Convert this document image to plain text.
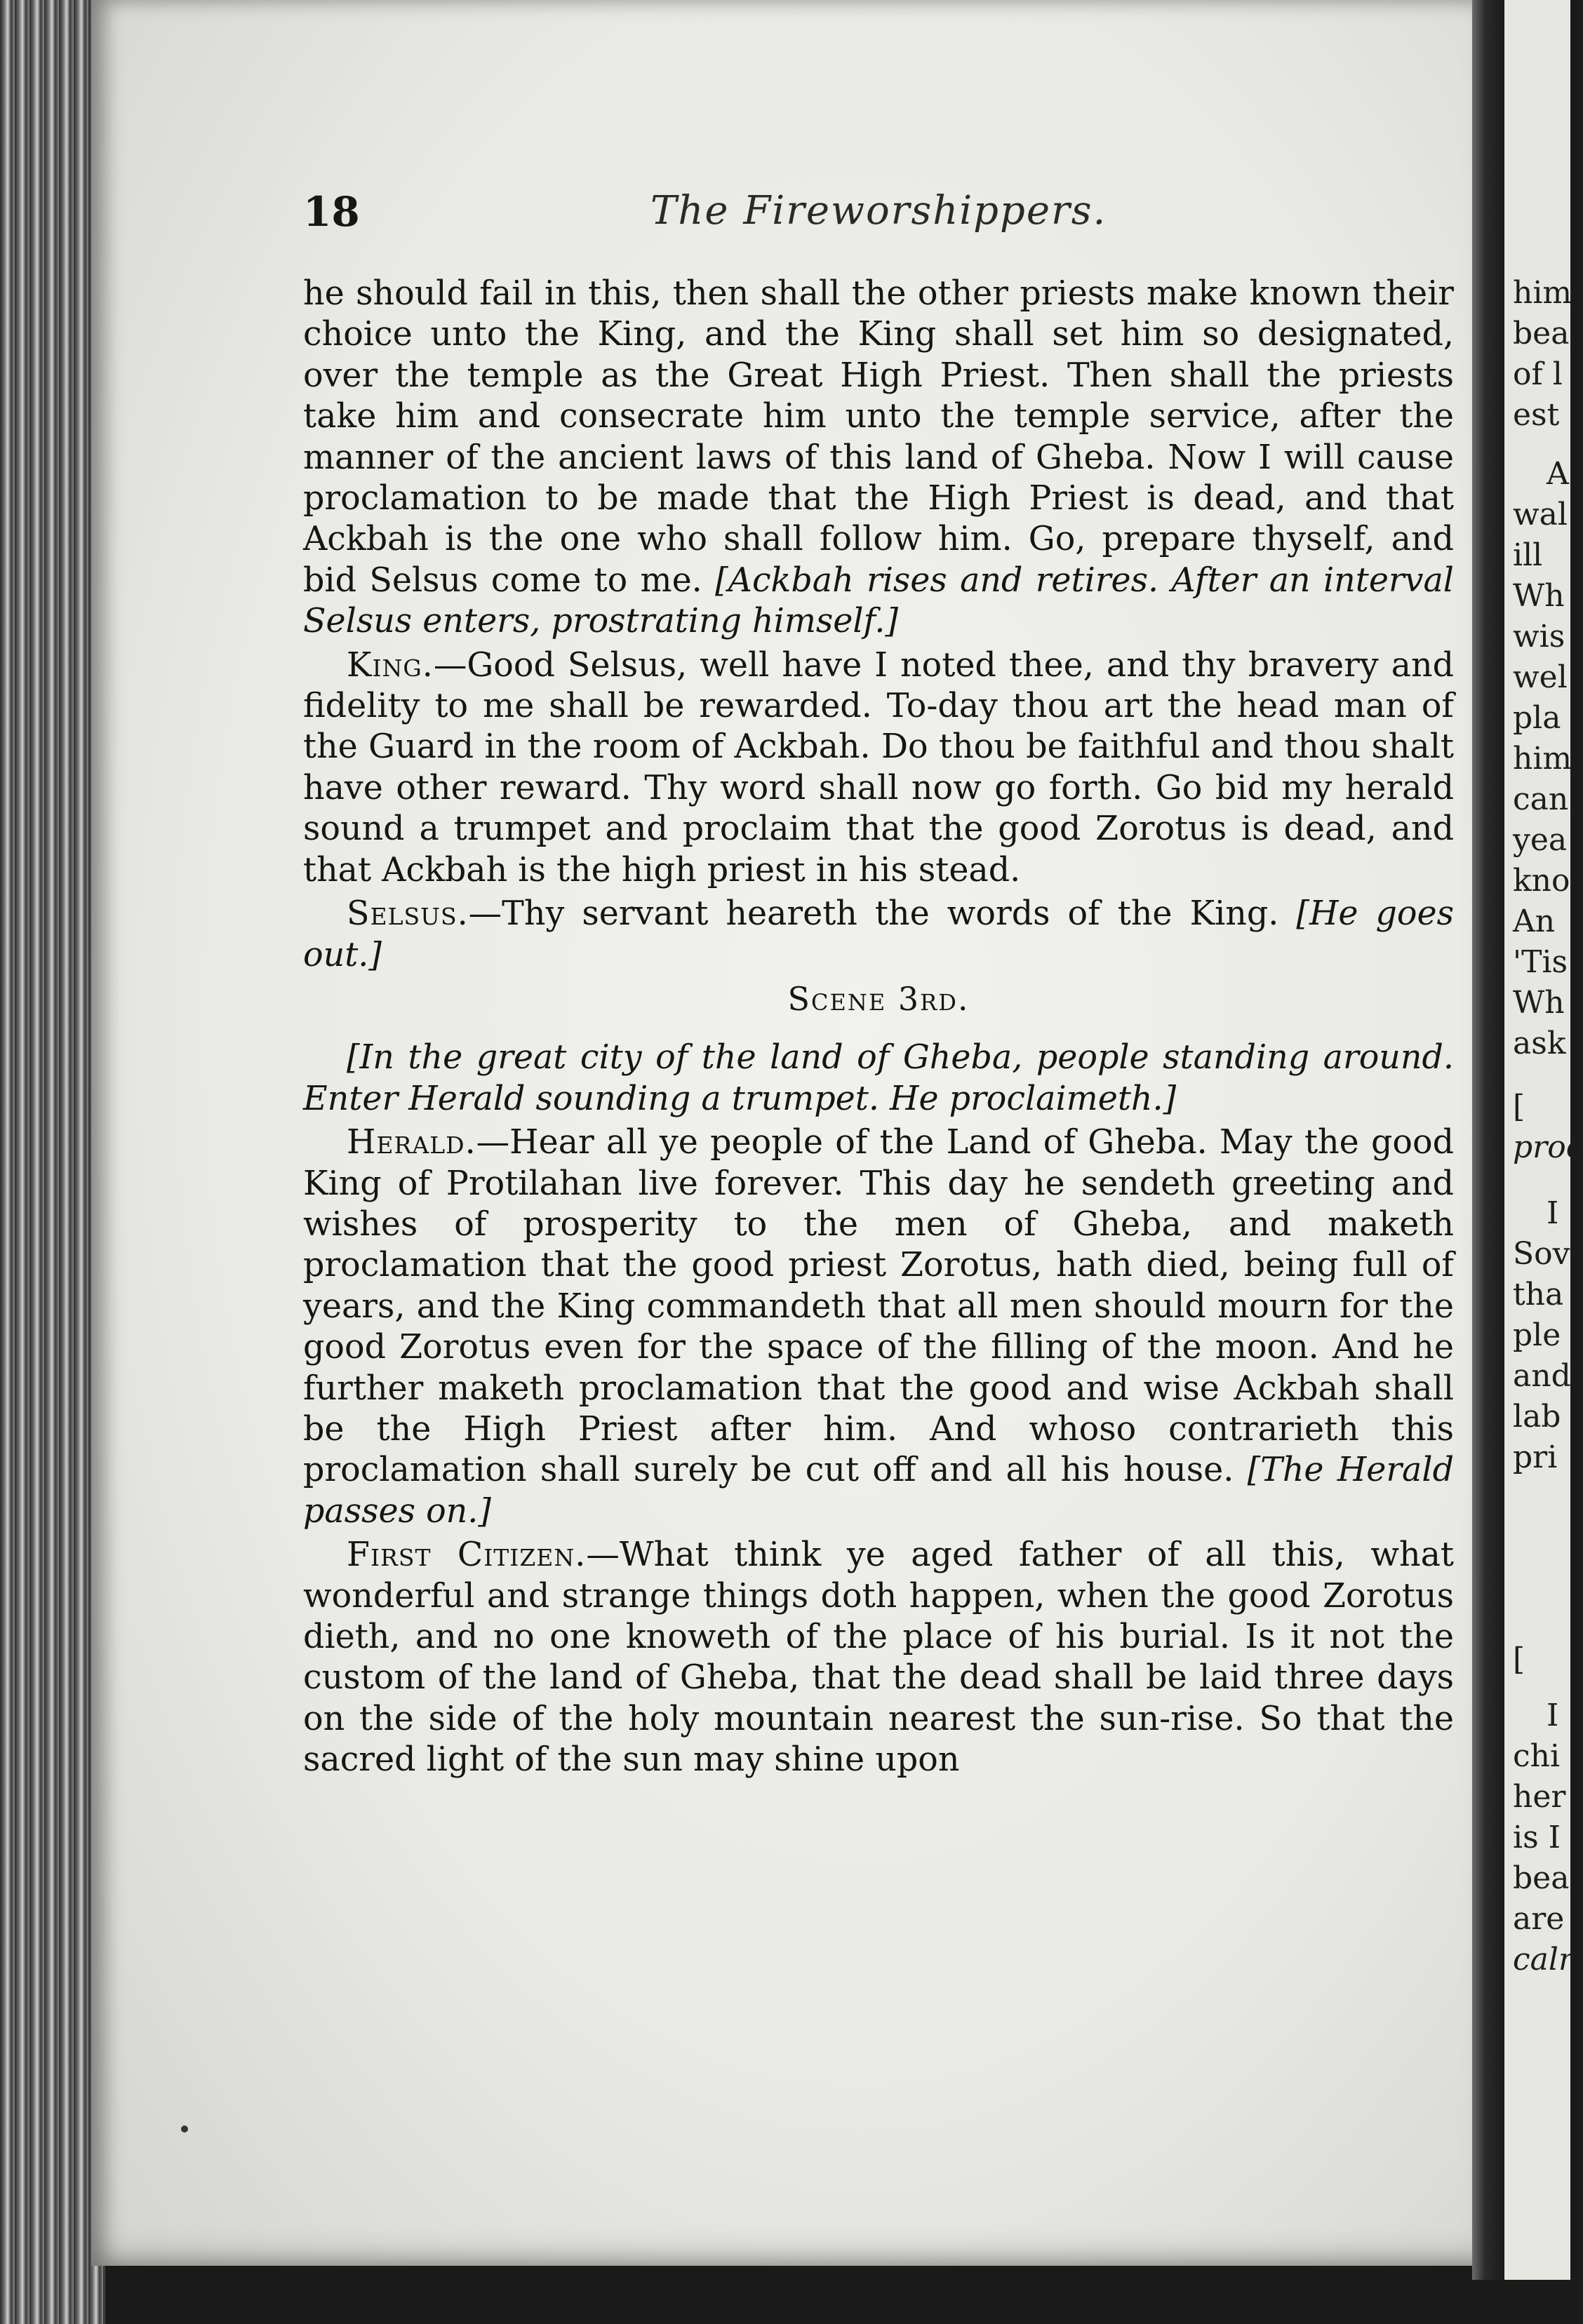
him
bea
of l
est
A
wal
ill
Wh
wis
wel
pla
him
can
yea
kno
An
'Tis
Wh
ask
[
proc
I
Sov
tha
ple
and
lab
pri
[
I
chi
her
is I
bea
are
calr
18	The Fireworshippers.

he should fail in this, then shall the other priests make known their choice unto the King, and the King shall set him so designated, over the temple as the Great High Priest. Then shall the priests take him and consecrate him unto the temple service, after the manner of the ancient laws of this land of Gheba. Now I will cause proclamation to be made that the High Priest is dead, and that Ackbah is the one who shall follow him. Go, prepare thyself, and bid Selsus come to me. [Ackbah rises and retires. After an interval Selsus enters, prostrating himself.]

King.—Good Selsus, well have I noted thee, and thy bravery and fidelity to me shall be rewarded. To-day thou art the head man of the Guard in the room of Ackbah. Do thou be faithful and thou shalt have other reward. Thy word shall now go forth. Go bid my herald sound a trumpet and proclaim that the good Zorotus is dead, and that Ackbah is the high priest in his stead.

Selsus.—Thy servant heareth the words of the King. [He goes out.]

Scene 3rd.

[In the great city of the land of Gheba, people standing around. Enter Herald sounding a trumpet. He proclaimeth.]

Herald.—Hear all ye people of the Land of Gheba. May the good King of Protilahan live forever. This day he sendeth greeting and wishes of prosperity to the men of Gheba, and maketh proclamation that the good priest Zorotus, hath died, being full of years, and the King commandeth that all men should mourn for the good Zorotus even for the space of the filling of the moon. And he further maketh proclamation that the good and wise Ackbah shall be the High Priest after him. And whoso contrarieth this proclamation shall surely be cut off and all his house. [The Herald passes on.]

First Citizen.—What think ye aged father of all this, what wonderful and strange things doth happen, when the good Zorotus dieth, and no one knoweth of the place of his burial. Is it not the custom of the land of Gheba, that the dead shall be laid three days on the side of the holy mountain nearest the sun-rise. So that the sacred light of the sun may shine upon
